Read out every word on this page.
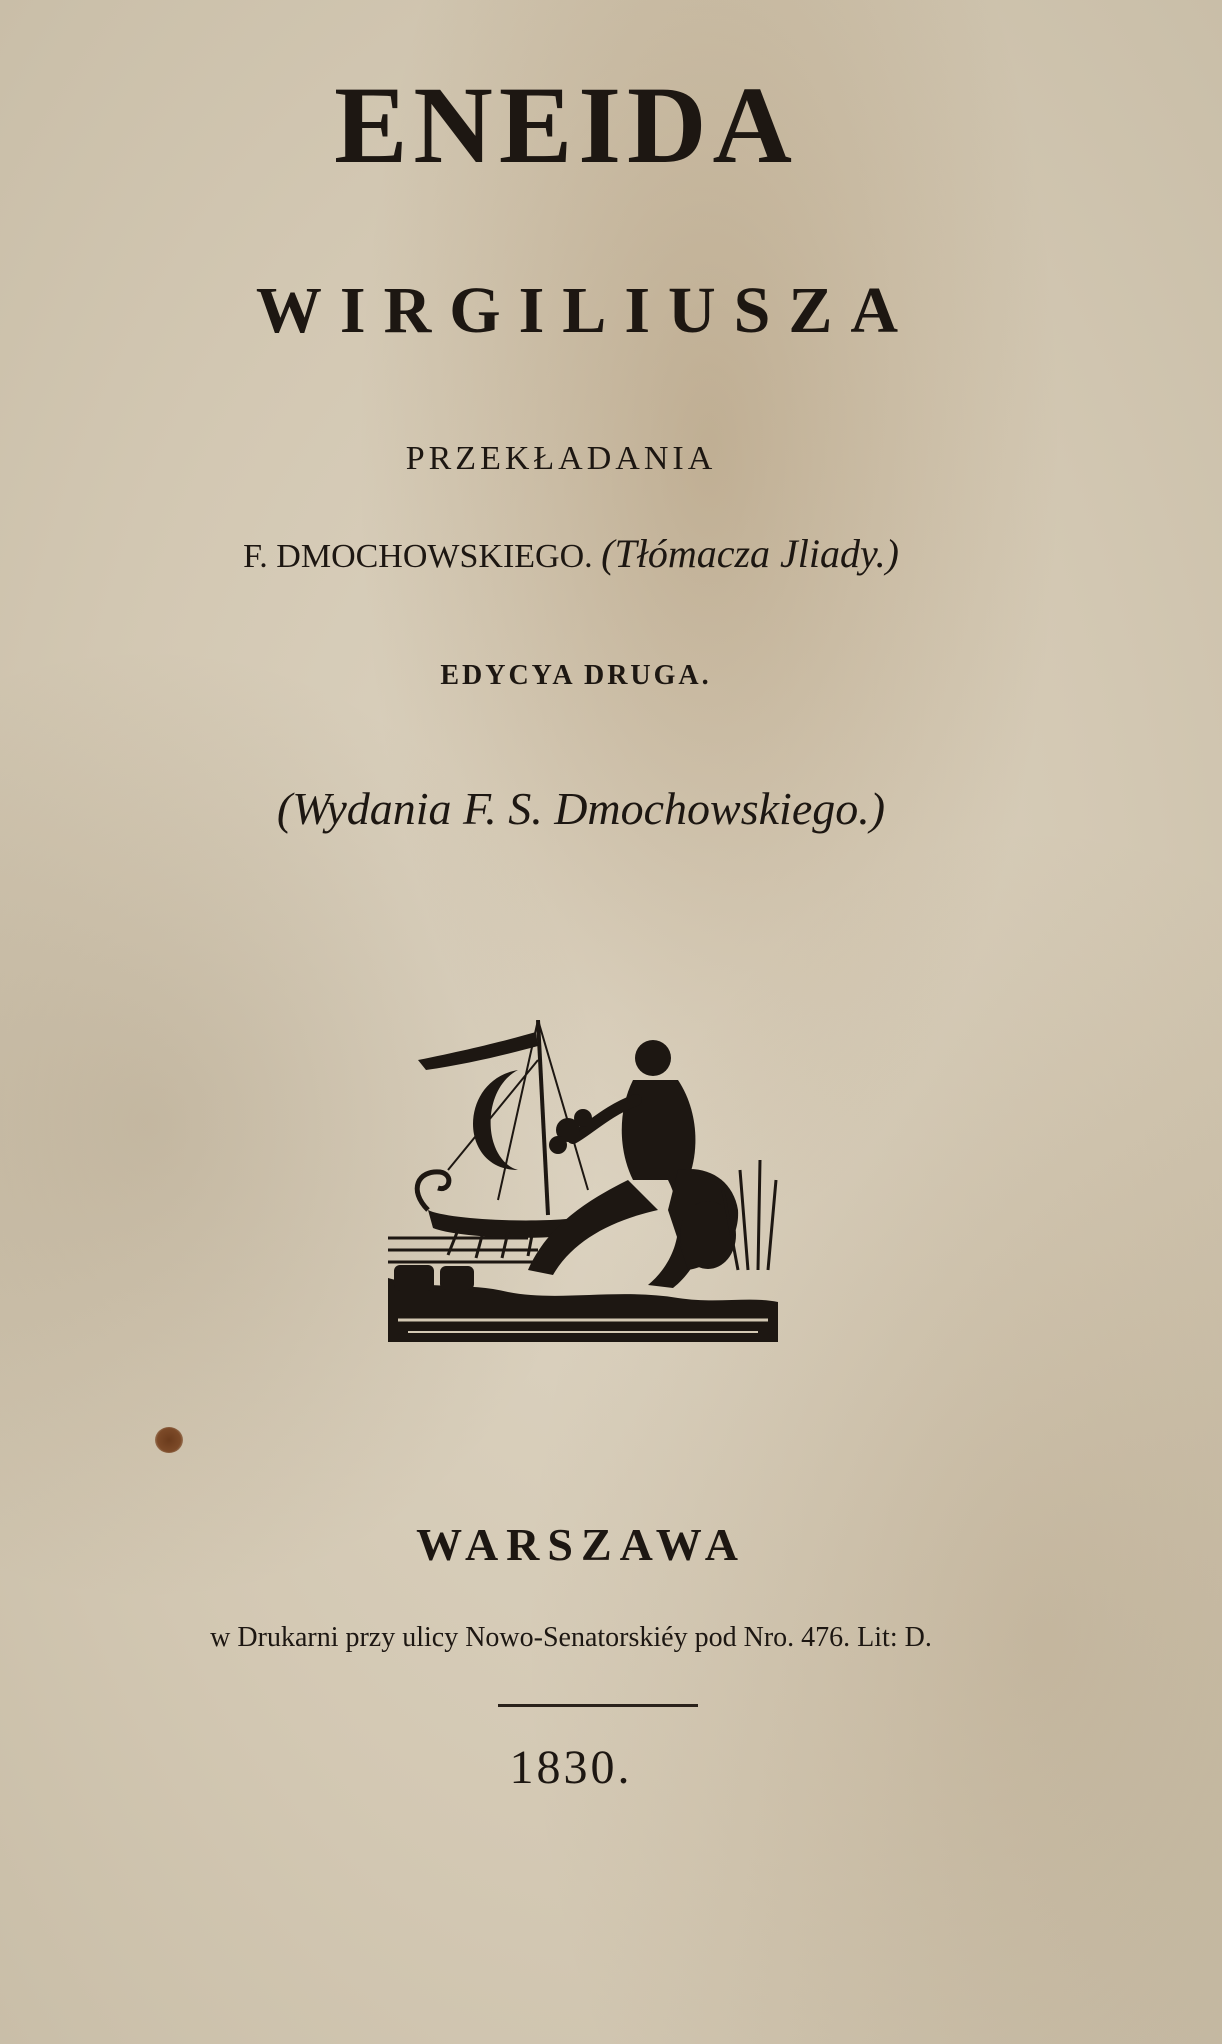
ENEIDA
WIRGILIUSZA
PRZEKŁADANIA
F. DMOCHOWSKIEGO. (Tłómacza Jliady.)
EDYCYA DRUGA.
(Wydania F. S. Dmochowskiego.)
WARSZAWA
w Drukarni przy ulicy Nowo-Senatorskiéy pod Nro. 476. Lit: D.
1830.
